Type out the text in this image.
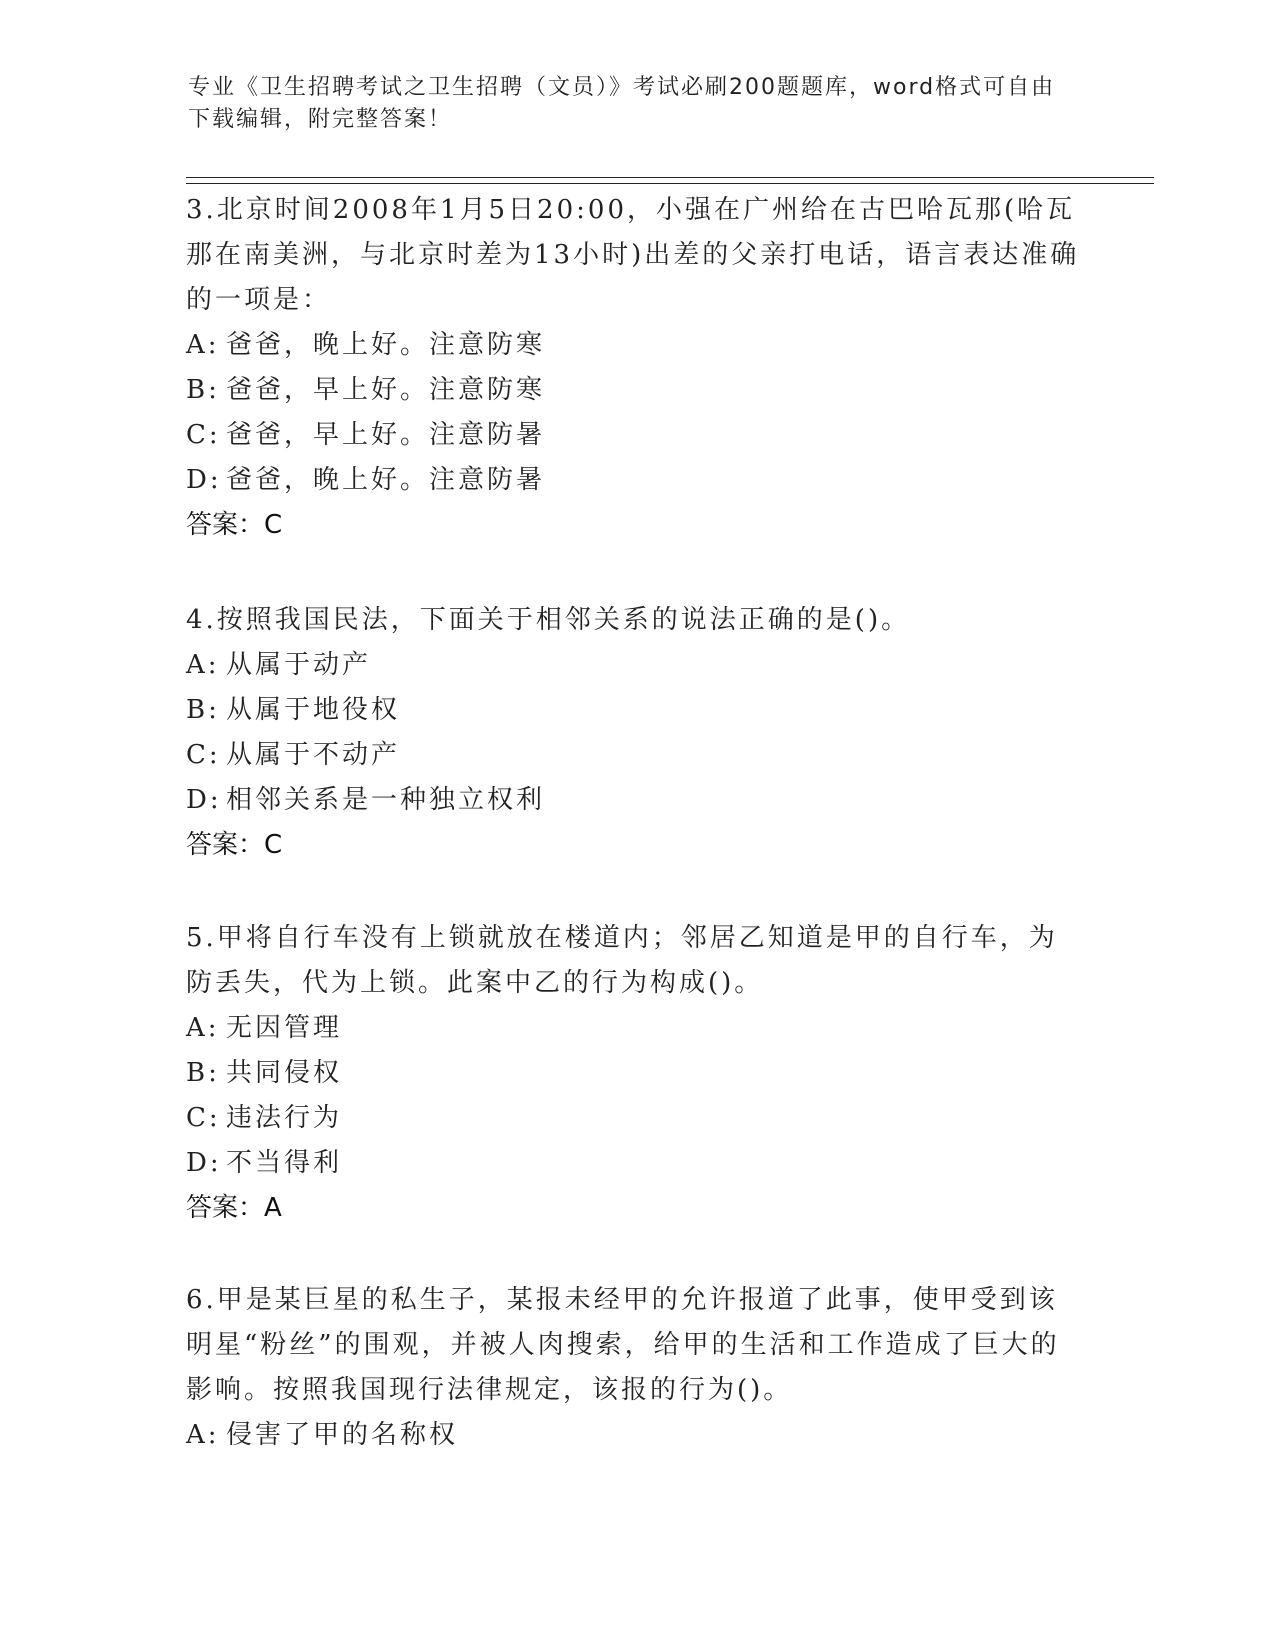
专业《卫生招聘考试之卫生招聘（文员）》考试必刷200题题库，word格式可自由下载编辑，附完整答案！

3.北京时间2008年1月5日20:00，小强在广州给在古巴哈瓦那(哈瓦那在南美洲，与北京时差为13小时)出差的父亲打电话，语言表达准确的一项是：

A: 爸爸，晚上好。注意防寒

B: 爸爸，早上好。注意防寒

C: 爸爸，早上好。注意防暑

D: 爸爸，晚上好。注意防暑

答案：C

4.按照我国民法，下面关于相邻关系的说法正确的是()。

A: 从属于动产

B: 从属于地役权

C: 从属于不动产

D: 相邻关系是一种独立权利

答案：C

5.甲将自行车没有上锁就放在楼道内；邻居乙知道是甲的自行车，为防丢失，代为上锁。此案中乙的行为构成()。

A: 无因管理

B: 共同侵权

C: 违法行为

D: 不当得利

答案：A

6.甲是某巨星的私生子，某报未经甲的允许报道了此事，使甲受到该明星“粉丝”的围观，并被人肉搜索，给甲的生活和工作造成了巨大的影响。按照我国现行法律规定，该报的行为()。

A: 侵害了甲的名称权
